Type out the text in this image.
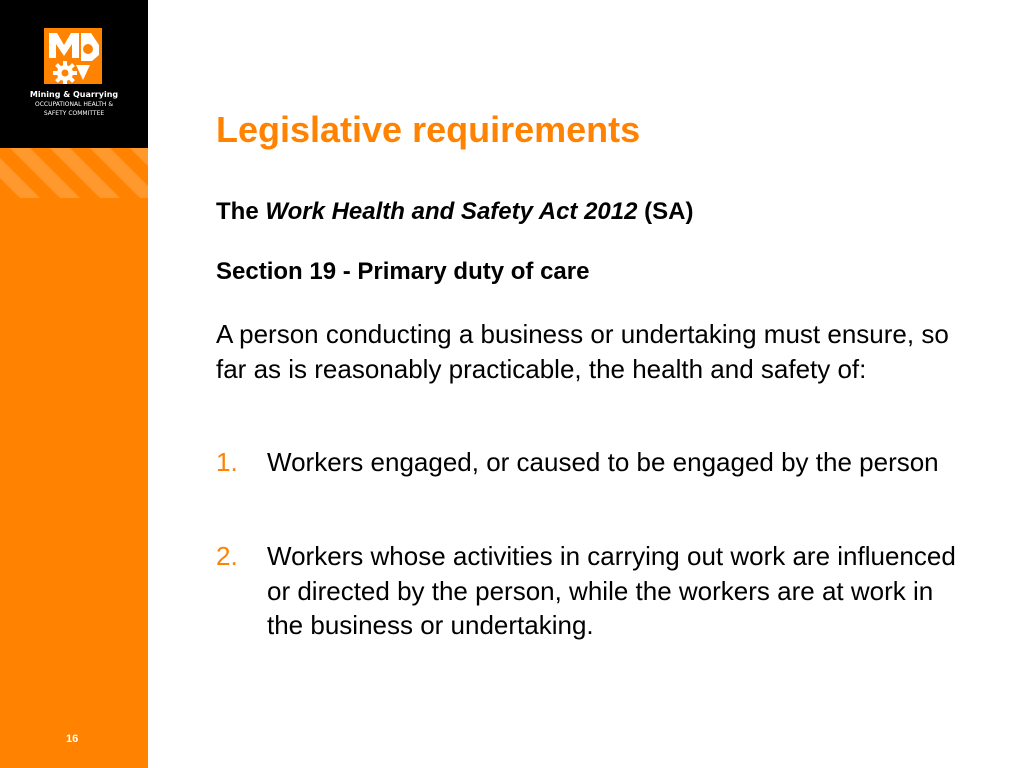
Mining & Quarrying
OCCUPATIONAL HEALTH &
SAFETY COMMITTEE
16
Legislative requirements

The Work Health and Safety Act 2012 (SA)

Section 19 - Primary duty of care

A person conducting a business or undertaking must ensure, so far as is reasonably practicable, the health and safety of:

1. Workers engaged, or caused to be engaged by the person
2. Workers whose activities in carrying out work are influenced or directed by the person, while the workers are at work in the business or undertaking.
